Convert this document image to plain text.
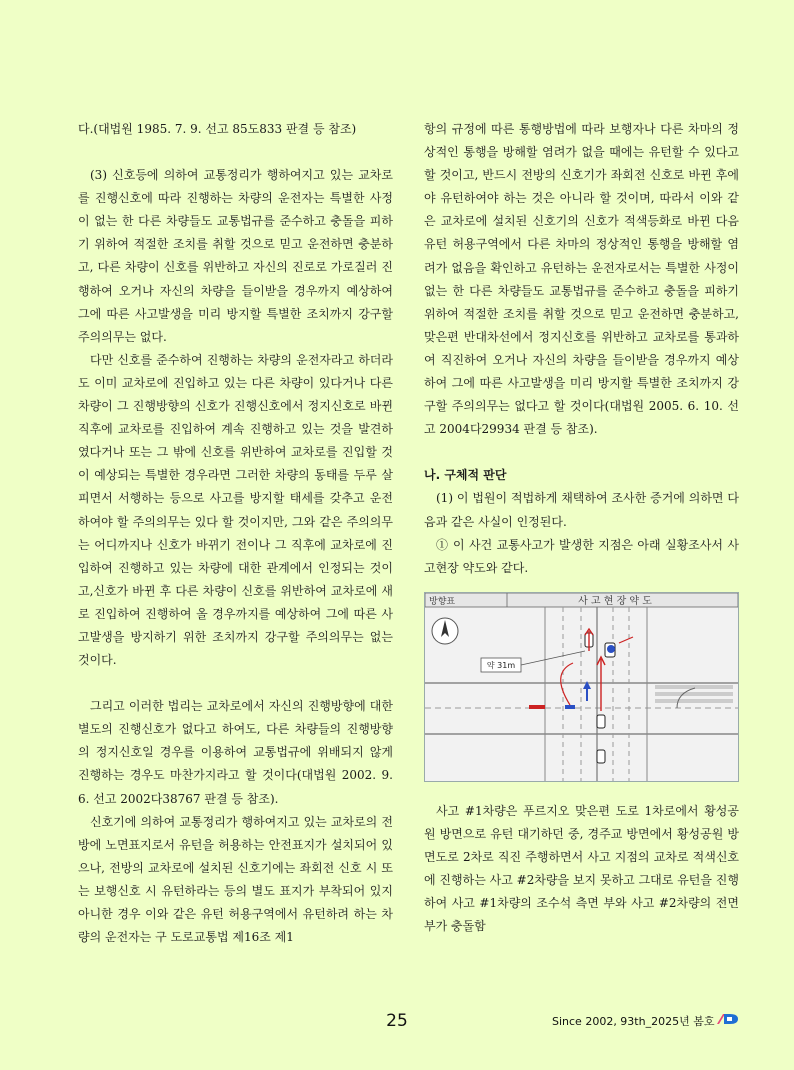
다.(대법원 1985. 7. 9. 선고 85도833 판결 등 참조)

(3) 신호등에 의하여 교통정리가 행하여지고 있는 교차로를 진행신호에 따라 진행하는 차량의 운전자는 특별한 사정이 없는 한 다른 차량들도 교통법규를 준수하고 충돌을 피하기 위하여 적절한 조치를 취할 것으로 믿고 운전하면 충분하고, 다른 차량이 신호를 위반하고 자신의 진로로 가로질러 진행하여 오거나 자신의 차량을 들이받을 경우까지 예상하여 그에 따른 사고발생을 미리 방지할 특별한 조치까지 강구할 주의의무는 없다.

다만 신호를 준수하여 진행하는 차량의 운전자라고 하더라도 이미 교차로에 진입하고 있는 다른 차량이 있다거나 다른 차량이 그 진행방향의 신호가 진행신호에서 정지신호로 바뀐 직후에 교차로를 진입하여 계속 진행하고 있는 것을 발견하였다거나 또는 그 밖에 신호를 위반하여 교차로를 진입할 것이 예상되는 특별한 경우라면 그러한 차량의 동태를 두루 살피면서 서행하는 등으로 사고를 방지할 태세를 갖추고 운전하여야 할 주의의무는 있다 할 것이지만, 그와 같은 주의의무는 어디까지나 신호가 바뀌기 전이나 그 직후에 교차로에 진입하여 진행하고 있는 차량에 대한 관계에서 인정되는 것이고,신호가 바뀐 후 다른 차량이 신호를 위반하여 교차로에 새로 진입하여 진행하여 올 경우까지를 예상하여 그에 따른 사고발생을 방지하기 위한 조치까지 강구할 주의의무는 없는 것이다.

그리고 이러한 법리는 교차로에서 자신의 진행방향에 대한 별도의 진행신호가 없다고 하여도, 다른 차량들의 진행방향의 정지신호일 경우를 이용하여 교통법규에 위배되지 않게 진행하는 경우도 마찬가지라고 할 것이다(대법원 2002. 9. 6. 선고 2002다38767 판결 등 참조).

신호기에 의하여 교통정리가 행하여지고 있는 교차로의 전방에 노면표지로서 유턴을 허용하는 안전표지가 설치되어 있으나, 전방의 교차로에 설치된 신호기에는 좌회전 신호 시 또는 보행신호 시 유턴하라는 등의 별도 표지가 부착되어 있지 아니한 경우 이와 같은 유턴 허용구역에서 유턴하려 하는 차량의 운전자는 구 도로교통법 제16조 제1

항의 규정에 따른 통행방법에 따라 보행자나 다른 차마의 정상적인 통행을 방해할 염려가 없을 때에는 유턴할 수 있다고 할 것이고, 반드시 전방의 신호기가 좌회전 신호로 바뀐 후에야 유턴하여야 하는 것은 아니라 할 것이며, 따라서 이와 같은 교차로에 설치된 신호기의 신호가 적색등화로 바뀐 다음 유턴 허용구역에서 다른 차마의 정상적인 통행을 방해할 염려가 없음을 확인하고 유턴하는 운전자로서는 특별한 사정이 없는 한 다른 차량들도 교통법규를 준수하고 충돌을 피하기 위하여 적절한 조치를 취할 것으로 믿고 운전하면 충분하고, 맞은편 반대차선에서 정지신호를 위반하고 교차로를 통과하여 직진하여 오거나 자신의 차량을 들이받을 경우까지 예상하여 그에 따른 사고발생을 미리 방지할 특별한 조치까지 강구할 주의의무는 없다고 할 것이다(대법원 2005. 6. 10. 선고 2004다29934 판결 등 참조).

나. 구체적 판단

(1) 이 법원이 적법하게 채택하여 조사한 증거에 의하면 다음과 같은 사실이 인정된다.

① 이 사건 교통사고가 발생한 지점은 아래 실황조사서 사고현장 약도와 같다.

방향표	사 고 현 장 약 도
약 31m

사고 #1차량은 푸르지오 맞은편 도로 1차로에서 황성공원 방면으로 유턴 대기하던 중, 경주교 방면에서 황성공원 방면도로 2차로 직진 주행하면서 사고 지점의 교차로 적색신호에 진행하는 사고 #2차량을 보지 못하고 그대로 유턴을 진행하여 사고 #1차량의 조수석 측면 부와 사고 #2차량의 전면부가 충돌함

25	Since 2002, 93th_2025년 봄호
